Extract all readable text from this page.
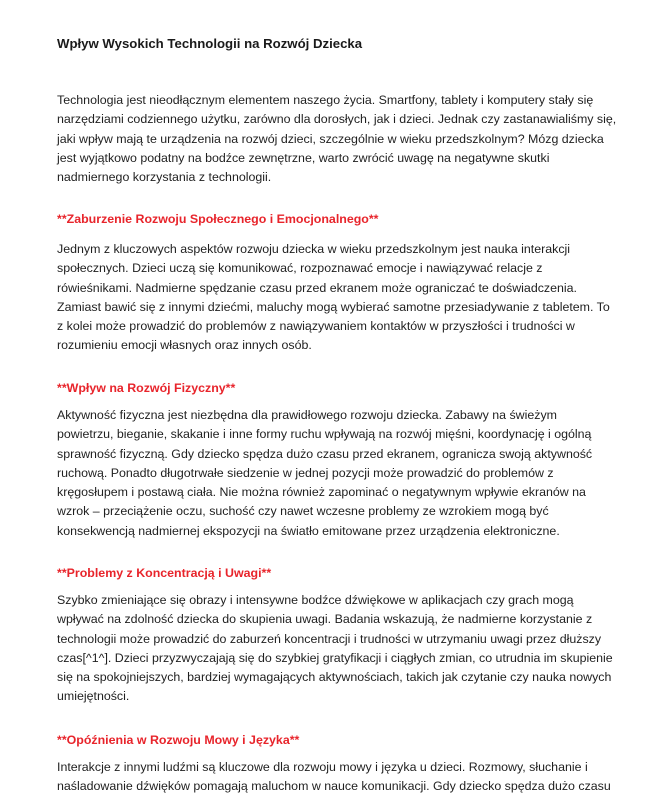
Wpływ Wysokich Technologii na Rozwój Dziecka

Technologia jest nieodłącznym elementem naszego życia. Smartfony, tablety i komputery stały się
narzędziami codziennego użytku, zarówno dla dorosłych, jak i dzieci. Jednak czy zastanawialiśmy się,
jaki wpływ mają te urządzenia na rozwój dzieci, szczególnie w wieku przedszkolnym? Mózg dziecka
jest wyjątkowo podatny na bodźce zewnętrzne, warto zwrócić uwagę na negatywne skutki
nadmiernego korzystania z technologii.

**Zaburzenie Rozwoju Społecznego i Emocjonalnego**

Jednym z kluczowych aspektów rozwoju dziecka w wieku przedszkolnym jest nauka interakcji
społecznych. Dzieci uczą się komunikować, rozpoznawać emocje i nawiązywać relacje z
rówieśnikami. Nadmierne spędzanie czasu przed ekranem może ograniczać te doświadczenia.
Zamiast bawić się z innymi dziećmi, maluchy mogą wybierać samotne przesiadywanie z tabletem. To
z kolei może prowadzić do problemów z nawiązywaniem kontaktów w przyszłości i trudności w
rozumieniu emocji własnych oraz innych osób.

**Wpływ na Rozwój Fizyczny**

Aktywność fizyczna jest niezbędna dla prawidłowego rozwoju dziecka. Zabawy na świeżym
powietrzu, bieganie, skakanie i inne formy ruchu wpływają na rozwój mięśni, koordynację i ogólną
sprawność fizyczną. Gdy dziecko spędza dużo czasu przed ekranem, ogranicza swoją aktywność
ruchową. Ponadto długotrwałe siedzenie w jednej pozycji może prowadzić do problemów z
kręgosłupem i postawą ciała. Nie można również zapominać o negatywnym wpływie ekranów na
wzrok – przeciążenie oczu, suchość czy nawet wczesne problemy ze wzrokiem mogą być
konsekwencją nadmiernej ekspozycji na światło emitowane przez urządzenia elektroniczne.

**Problemy z Koncentracją i Uwagi**

Szybko zmieniające się obrazy i intensywne bodźce dźwiękowe w aplikacjach czy grach mogą
wpływać na zdolność dziecka do skupienia uwagi. Badania wskazują, że nadmierne korzystanie z
technologii może prowadzić do zaburzeń koncentracji i trudności w utrzymaniu uwagi przez dłuższy
czas[^1^]. Dzieci przyzwyczajają się do szybkiej gratyfikacji i ciągłych zmian, co utrudnia im skupienie
się na spokojniejszych, bardziej wymagających aktywnościach, takich jak czytanie czy nauka nowych
umiejętności.

**Opóźnienia w Rozwoju Mowy i Języka**

Interakcje z innymi ludźmi są kluczowe dla rozwoju mowy i języka u dzieci. Rozmowy, słuchanie i
naśladowanie dźwięków pomagają maluchom w nauce komunikacji. Gdy dziecko spędza dużo czasu
